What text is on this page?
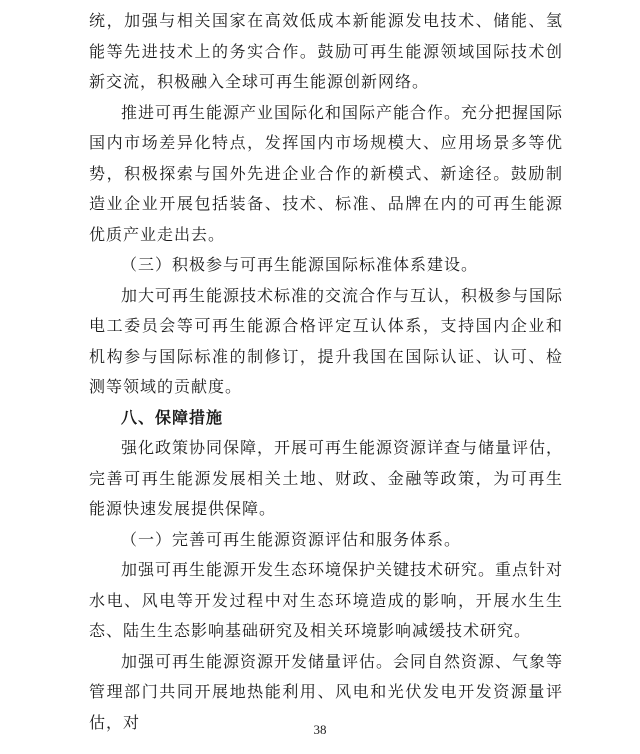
统，加强与相关国家在高效低成本新能源发电技术、储能、氢能等先进技术上的务实合作。鼓励可再生能源领域国际技术创新交流，积极融入全球可再生能源创新网络。

推进可再生能源产业国际化和国际产能合作。充分把握国际国内市场差异化特点，发挥国内市场规模大、应用场景多等优势，积极探索与国外先进企业合作的新模式、新途径。鼓励制造业企业开展包括装备、技术、标准、品牌在内的可再生能源优质产业走出去。

（三）积极参与可再生能源国际标准体系建设。

加大可再生能源技术标准的交流合作与互认，积极参与国际电工委员会等可再生能源合格评定互认体系，支持国内企业和机构参与国际标准的制修订，提升我国在国际认证、认可、检测等领域的贡献度。

八、保障措施

强化政策协同保障，开展可再生能源资源详查与储量评估，完善可再生能源发展相关土地、财政、金融等政策，为可再生能源快速发展提供保障。

（一）完善可再生能源资源评估和服务体系。

加强可再生能源开发生态环境保护关键技术研究。重点针对水电、风电等开发过程中对生态环境造成的影响，开展水生生态、陆生生态影响基础研究及相关环境影响减缓技术研究。

加强可再生能源资源开发储量评估。会同自然资源、气象等管理部门共同开展地热能利用、风电和光伏发电开发资源量评估，对	38
